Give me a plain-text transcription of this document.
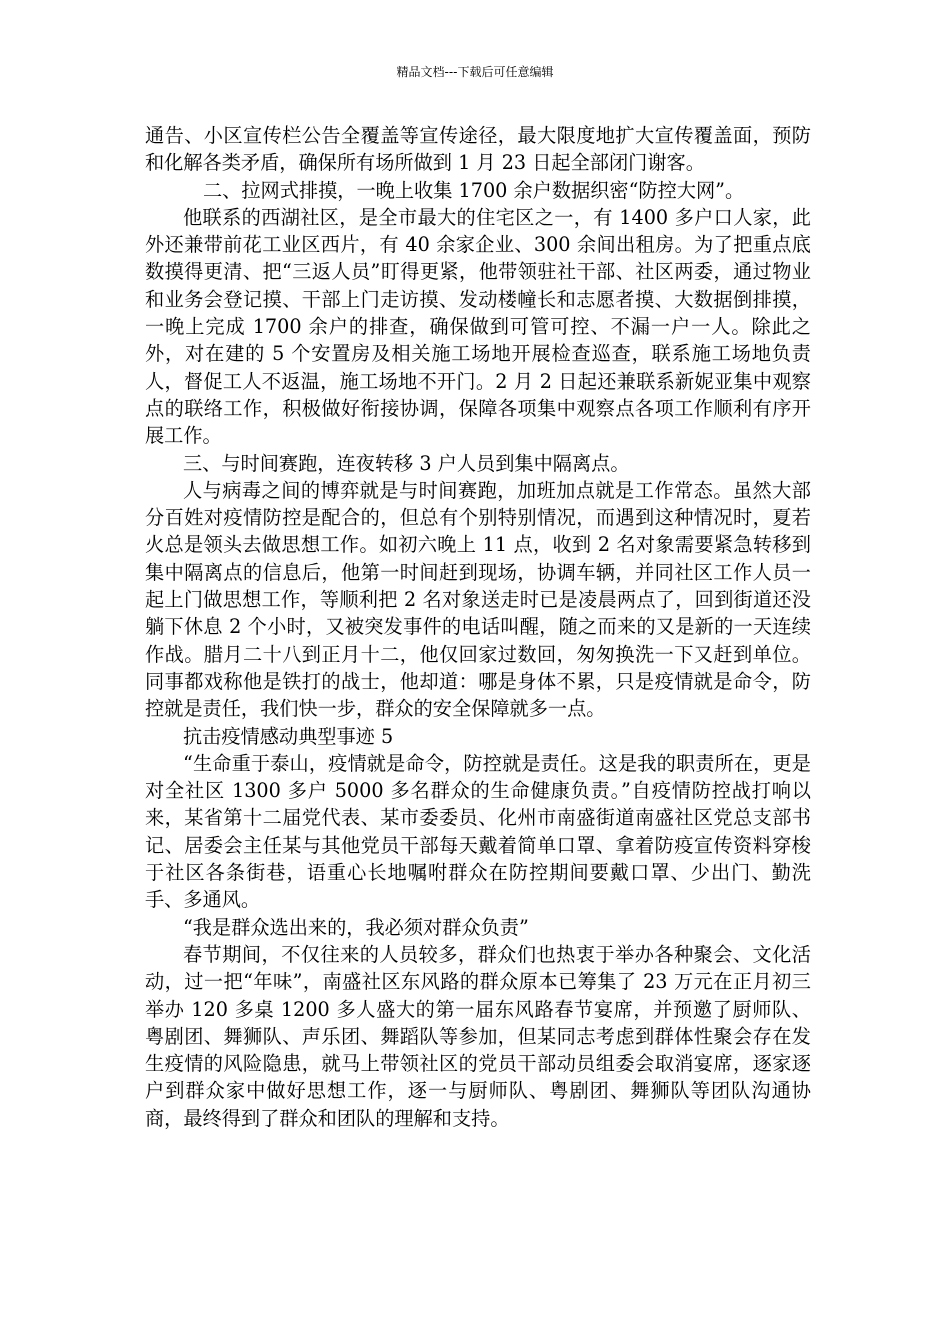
精品文档---下载后可任意编辑

通告、小区宣传栏公告全覆盖等宣传途径，最大限度地扩大宣传覆盖面，预防和化解各类矛盾，确保所有场所做到 1 月 23 日起全部闭门谢客。

二、拉网式排摸，一晚上收集 1700 余户数据织密“防控大网”。

他联系的西湖社区，是全市最大的住宅区之一，有 1400 多户口人家，此外还兼带前花工业区西片，有 40 余家企业、300 余间出租房。为了把重点底数摸得更清、把“三返人员”盯得更紧，他带领驻社干部、社区两委，通过物业和业务会登记摸、干部上门走访摸、发动楼幢长和志愿者摸、大数据倒排摸，一晚上完成 1700 余户的排查，确保做到可管可控、不漏一户一人。除此之外，对在建的 5 个安置房及相关施工场地开展检查巡查，联系施工场地负责人，督促工人不返温，施工场地不开门。2 月 2 日起还兼联系新妮亚集中观察点的联络工作，积极做好衔接协调，保障各项集中观察点各项工作顺利有序开展工作。

三、与时间赛跑，连夜转移 3 户人员到集中隔离点。

人与病毒之间的博弈就是与时间赛跑，加班加点就是工作常态。虽然大部分百姓对疫情防控是配合的，但总有个别特别情况，而遇到这种情况时，夏若火总是领头去做思想工作。如初六晚上 11 点，收到 2 名对象需要紧急转移到集中隔离点的信息后，他第一时间赶到现场，协调车辆，并同社区工作人员一起上门做思想工作，等顺利把 2 名对象送走时已是凌晨两点了，回到街道还没躺下休息 2 个小时，又被突发事件的电话叫醒，随之而来的又是新的一天连续作战。腊月二十八到正月十二，他仅回家过数回，匆匆换洗一下又赶到单位。同事都戏称他是铁打的战士，他却道：哪是身体不累，只是疫情就是命令，防控就是责任，我们快一步，群众的安全保障就多一点。

抗击疫情感动典型事迹 5

“生命重于泰山，疫情就是命令，防控就是责任。这是我的职责所在，更是对全社区 1300 多户 5000 多名群众的生命健康负责。”自疫情防控战打响以来，某省第十二届党代表、某市委委员、化州市南盛街道南盛社区党总支部书记、居委会主任某与其他党员干部每天戴着简单口罩、拿着防疫宣传资料穿梭于社区各条街巷，语重心长地嘱咐群众在防控期间要戴口罩、少出门、勤洗手、多通风。

“我是群众选出来的，我必须对群众负责”

春节期间，不仅往来的人员较多，群众们也热衷于举办各种聚会、文化活动，过一把“年味”，南盛社区东风路的群众原本已筹集了 23 万元在正月初三举办 120 多桌 1200 多人盛大的第一届东风路春节宴席，并预邀了厨师队、粤剧团、舞狮队、声乐团、舞蹈队等参加，但某同志考虑到群体性聚会存在发生疫情的风险隐患，就马上带领社区的党员干部动员组委会取消宴席，逐家逐户到群众家中做好思想工作，逐一与厨师队、粤剧团、舞狮队等团队沟通协商，最终得到了群众和团队的理解和支持。
